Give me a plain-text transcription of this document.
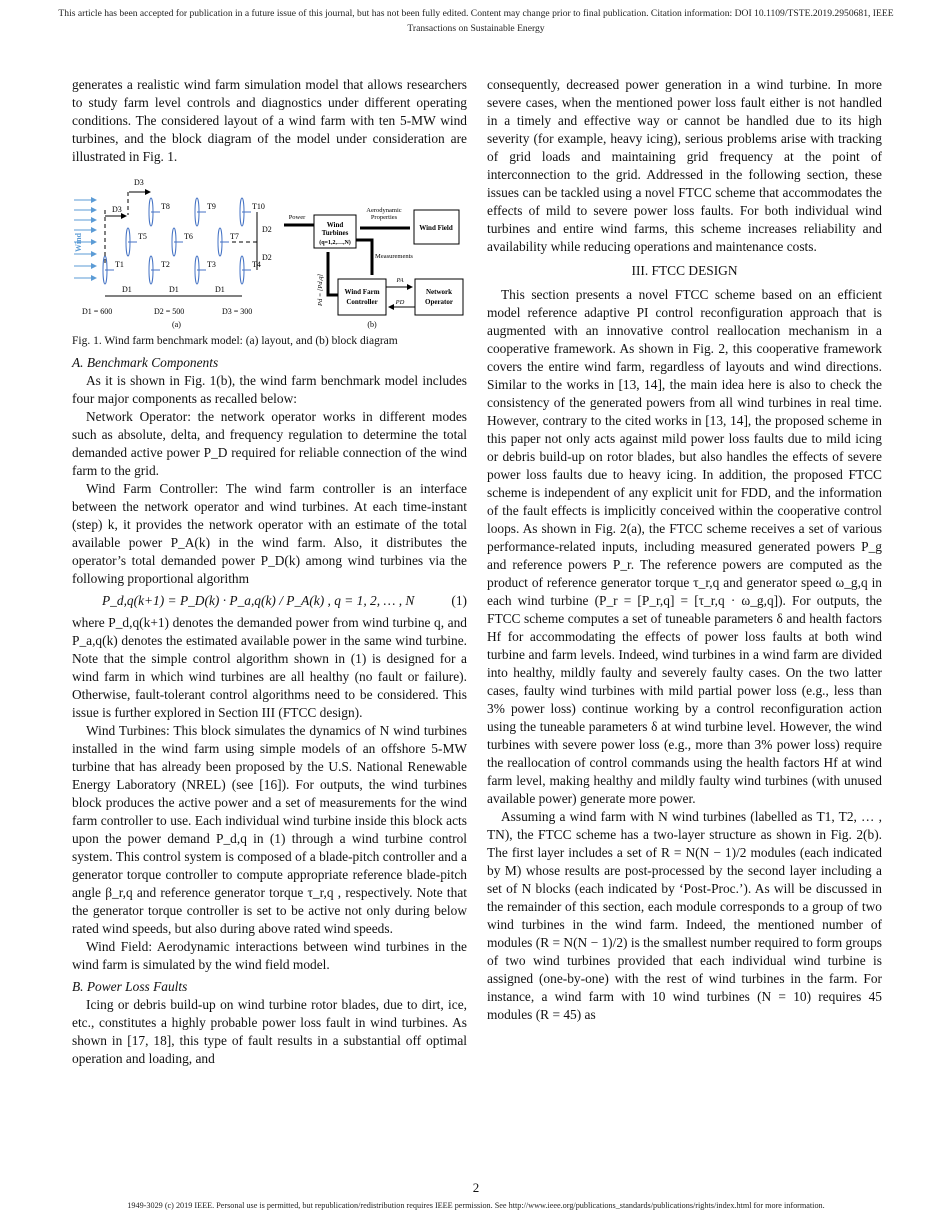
This article has been accepted for publication in a future issue of this journal, but has not been fully edited. Content may change prior to final publication. Citation information: DOI 10.1109/TSTE.2019.2950681, IEEE
Transactions on Sustainable Energy

generates a realistic wind farm simulation model that allows researchers to study farm level controls and diagnostics under different operating conditions. The considered layout of a wind farm with ten 5-MW wind turbines, and the block diagram of the model under consideration are illustrated in Fig. 1.

Wind
T1	T2	T3	T4
T5	T6	T7
T8	T9	T10
D3
D3
D1	D1	D1
D2
D2
D1 = 600	D2 = 500	D3 = 300
(a)
Wind
Turbines
(q=1,2,…,N)
Wind Field
Wind Farm
Controller
Network
Operator
Power
Aerodynamic
Properties
Measurements
PA
PD
Pd = [Pd,q]
(b)
Fig. 1. Wind farm benchmark model: (a) layout, and (b) block diagram
A. Benchmark Components

As it is shown in Fig. 1(b), the wind farm benchmark model includes four major components as recalled below:

Network Operator: the network operator works in different modes such as absolute, delta, and frequency regulation to determine the total demanded active power P_D required for reliable connection of the wind farm to the grid.

Wind Farm Controller: The wind farm controller is an interface between the network operator and wind turbines. At each time-instant (step) k, it provides the network operator with an estimate of the total available power P_A(k) in the wind farm. Also, it distributes the operator’s total demanded power P_D(k) among wind turbines via the following proportional algorithm

P_d,q(k+1) = P_D(k) · P_a,q(k) / P_A(k) , q = 1, 2, … , N	(1)

where P_d,q(k+1) denotes the demanded power from wind turbine q, and P_a,q(k) denotes the estimated available power in the same wind turbine. Note that the simple control algorithm shown in (1) is designed for a wind farm in which wind turbines are all healthy (no fault or failure). Otherwise, fault-tolerant control algorithms need to be considered. This issue is further explored in Section III (FTCC design).

Wind Turbines: This block simulates the dynamics of N wind turbines installed in the wind farm using simple models of an offshore 5-MW turbine that has already been proposed by the U.S. National Renewable Energy Laboratory (NREL) (see [16]). For outputs, the wind turbines block produces the active power and a set of measurements for the wind farm controller to use. Each individual wind turbine inside this block acts upon the power demand P_d,q in (1) through a wind turbine control system. This control system is composed of a blade-pitch controller and a generator torque controller to compute appropriate reference blade-pitch angle β_r,q and reference generator torque τ_r,q , respectively. Note that the generator torque controller is set to be active not only during below rated wind speeds, but also during above rated wind speeds.

Wind Field: Aerodynamic interactions between wind turbines in the wind farm is simulated by the wind field model.

B. Power Loss Faults

Icing or debris build-up on wind turbine rotor blades, due to dirt, ice, etc., constitutes a highly probable power loss fault in wind turbines. As shown in [17, 18], this type of fault results in a substantial off optimal operation and loading, and

consequently, decreased power generation in a wind turbine. In more severe cases, when the mentioned power loss fault either is not handled in a timely and effective way or cannot be handled due to its high severity (for example, heavy icing), serious problems arise with tracking of grid loads and maintaining grid frequency at the point of interconnection to the grid. Addressed in the following section, these issues can be tackled using a novel FTCC scheme that accommodates the effects of mild to severe power loss faults. For both individual wind turbines and entire wind farms, this scheme increases reliability and availability while reducing operations and maintenance costs.

III. FTCC DESIGN

This section presents a novel FTCC scheme based on an efficient model reference adaptive PI control reconfiguration approach that is augmented with an innovative control reallocation mechanism in a cooperative framework. As shown in Fig. 2, this cooperative framework covers the entire wind farm, regardless of layouts and wind directions. Similar to the works in [13, 14], the main idea here is also to check the consistency of the generated powers from all wind turbines in real time. However, contrary to the cited works in [13, 14], the proposed scheme in this paper not only acts against mild power loss faults due to mild icing or debris build-up on rotor blades, but also handles the effects of severe power loss faults due to heavy icing. In addition, the proposed FTCC scheme is independent of any explicit unit for FDD, and the information of the fault effects is implicitly conceived within the cooperative control loops. As shown in Fig. 2(a), the FTCC scheme receives a set of various performance-related inputs, including measured generated powers P_g and reference powers P_r. The reference powers are computed as the product of reference generator torque τ_r,q and generator speed ω_g,q in each wind turbine (P_r = [P_r,q] = [τ_r,q · ω_g,q]). For outputs, the FTCC scheme computes a set of tuneable parameters δ and health factors Hf for accommodating the effects of power loss faults at both wind turbine and farm levels. Indeed, wind turbines in a wind farm are divided into healthy, mildly faulty and severely faulty cases. On the two latter cases, faulty wind turbines with mild partial power loss (e.g., less than 3% power loss) continue working by a control reconfiguration action using the tuneable parameters δ at wind turbine level. However, the wind turbines with severe power loss (e.g., more than 3% power loss) require the reallocation of control commands using the health factors Hf at wind farm level, making healthy and mildly faulty wind turbines (with unused available power) generate more power.

Assuming a wind farm with N wind turbines (labelled as T1, T2, … , TN), the FTCC scheme has a two-layer structure as shown in Fig. 2(b). The first layer includes a set of R = N(N − 1)/2 modules (each indicated by M) whose results are post-processed by the second layer including a set of N blocks (each indicated by ‘Post-Proc.’). As will be discussed in the remainder of this section, each module corresponds to a group of two wind turbines in the wind farm. Indeed, the mentioned number of modules (R = N(N − 1)/2) is the smallest number required to form groups of two wind turbines provided that each individual wind turbine is assigned (one-by-one) with the rest of wind turbines in the farm. For instance, a wind farm with 10 wind turbines (N = 10) requires 45 modules (R = 45) as

2
1949-3029 (c) 2019 IEEE. Personal use is permitted, but republication/redistribution requires IEEE permission. See http://www.ieee.org/publications_standards/publications/rights/index.html for more information.
